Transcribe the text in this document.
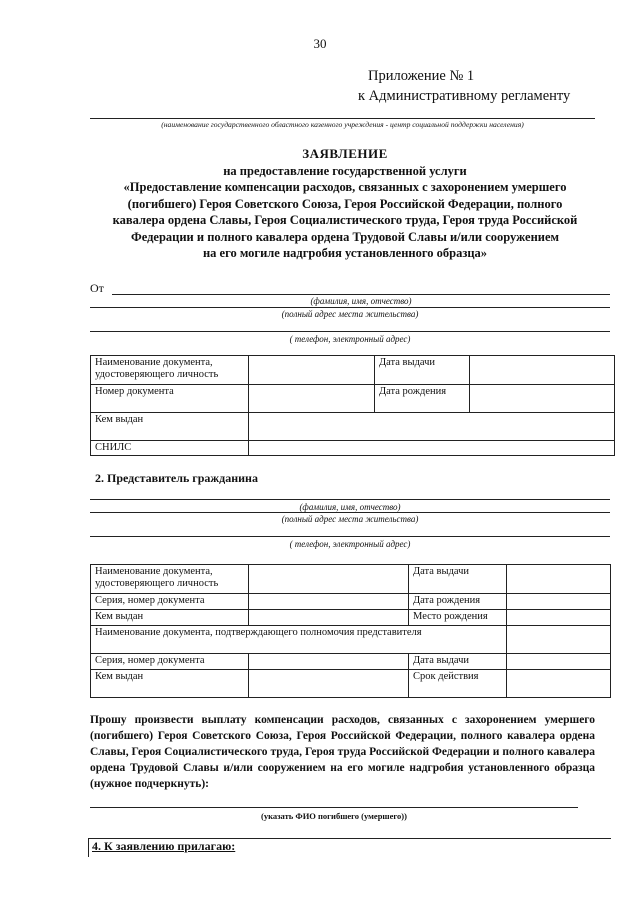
30
Приложение № 1
к Административному регламенту
(наименование государственного областного казенного учреждения - центр социальной поддержки населения)
ЗАЯВЛЕНИЕ
на предоставление государственной услуги
«Предоставление компенсации расходов, связанных с захоронением умершего
(погибшего) Героя Советского Союза, Героя Российской Федерации, полного
кавалера ордена Славы, Героя Социалистического труда, Героя труда Российской
Федерации и полного кавалера ордена Трудовой Славы и/или сооружением
на его могиле надгробия установленного образца»
От
(фамилия, имя, отчество)
(полный адрес места жительства)
( телефон, электронный адрес)
Наименование документа, удостоверяющего личность		Дата выдачи	
Номер документа		Дата рождения	
Кем выдан			
СНИЛС			
2. Представитель гражданина
(фамилия, имя, отчество)
(полный адрес места жительства)
( телефон, электронный адрес)
Наименование документа, удостоверяющего личность		Дата выдачи	
Серия, номер документа		Дата рождения	
Кем выдан		Место рождения	
Наименование документа, подтверждающего полномочия представителя			
Серия, номер документа		Дата выдачи	
Кем выдан		Срок действия	
Прошу произвести выплату компенсации расходов, связанных с захоронением умершего (погибшего) Героя Советского Союза, Героя Российской Федерации, полного кавалера ордена Славы, Героя Социалистического труда, Героя труда Российской Федерации и полного кавалера ордена Трудовой Славы и/или сооружением на его могиле надгробия установленного образца (нужное подчеркнуть):
(указать ФИО погибшего (умершего))
4. К заявлению прилагаю:
